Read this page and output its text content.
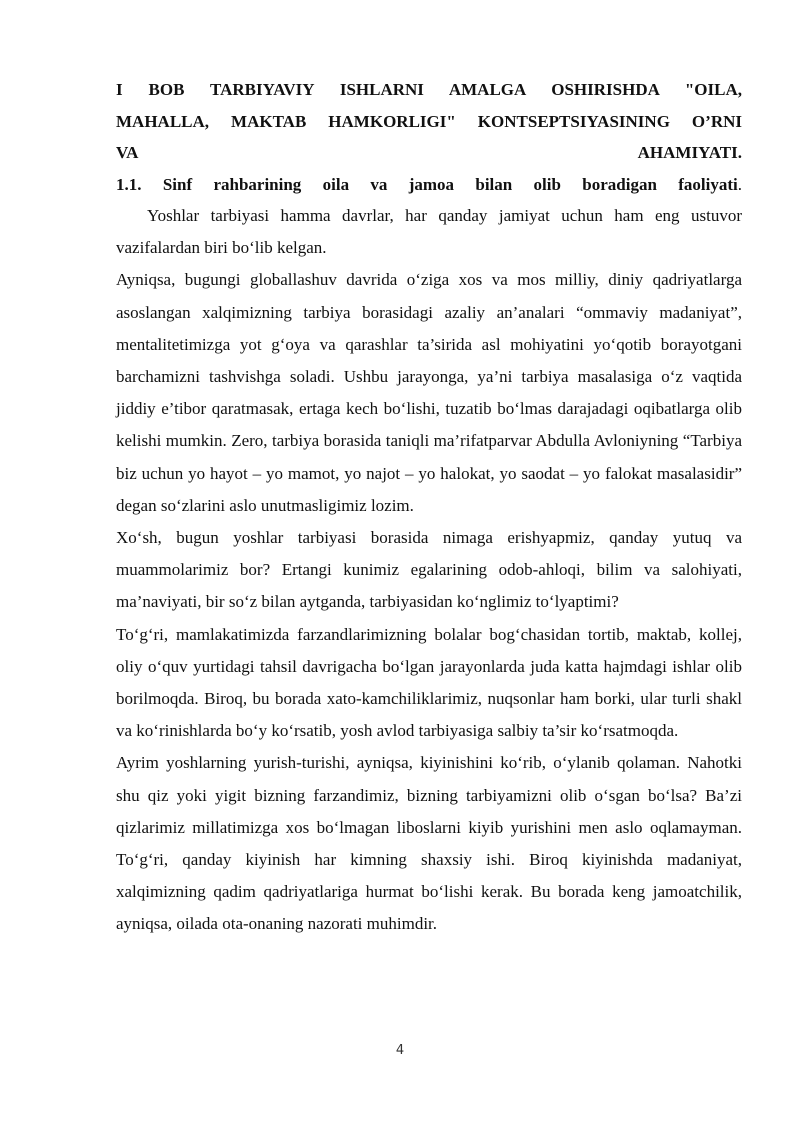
I BOB TARBIYAVIY ISHLARNI AMALGA OSHIRISHDA "OILA,
MAHALLA, MAKTAB HAMKORLIGI" KONTSEPTSIYASINING O’RNI
VA	AHAMIYATI.
1.1. Sinf rahbarining oila va jamoa bilan olib boradigan faoliyati.

Yoshlar tarbiyasi hamma davrlar, har qanday jamiyat uchun ham eng ustuvor vazifalardan biri bo‘lib kelgan.

Ayniqsa, bugungi globallashuv davrida o‘ziga xos va mos milliy, diniy qadriyatlarga asoslangan xalqimizning tarbiya borasidagi azaliy an’analari “ommaviy madaniyat”, mentalitetimizga yot g‘oya va qarashlar ta’sirida asl mohiyatini yo‘qotib borayotgani barchamizni tashvishga soladi. Ushbu jarayonga, ya’ni tarbiya masalasiga o‘z vaqtida jiddiy e’tibor qaratmasak, ertaga kech bo‘lishi, tuzatib bo‘lmas darajadagi oqibatlarga olib kelishi mumkin. Zero, tarbiya borasida taniqli ma’rifatparvar Abdulla Avloniyning “Tarbiya biz uchun yo hayot – yo mamot, yo najot – yo halokat, yo saodat – yo falokat masalasidir” degan so‘zlarini aslo unutmasligimiz lozim.

Xo‘sh, bugun yoshlar tarbiyasi borasida nimaga erishyapmiz, qanday yutuq va muammolarimiz bor? Ertangi kunimiz egalarining odob-ahloqi, bilim va salohiyati, ma’naviyati, bir so‘z bilan aytganda, tarbiyasidan ko‘nglimiz to‘lyaptimi?

To‘g‘ri, mamlakatimizda farzandlarimizning bolalar bog‘chasidan tortib, maktab, kollej, oliy o‘quv yurtidagi tahsil davrigacha bo‘lgan jarayonlarda juda katta hajmdagi ishlar olib borilmoqda. Biroq, bu borada xato-kamchiliklarimiz, nuqsonlar ham borki, ular turli shakl va ko‘rinishlarda bo‘y ko‘rsatib, yosh avlod tarbiyasiga salbiy ta’sir ko‘rsatmoqda.

Ayrim yoshlarning yurish-turishi, ayniqsa, kiyinishini ko‘rib, o‘ylanib qolaman. Nahotki shu qiz yoki yigit bizning farzandimiz, bizning tarbiyamizni olib o‘sgan bo‘lsa? Ba’zi qizlarimiz millatimizga xos bo‘lmagan liboslarni kiyib yurishini men aslo oqlamayman. To‘g‘ri, qanday kiyinish har kimning shaxsiy ishi. Biroq kiyinishda madaniyat, xalqimizning qadim qadriyatlariga hurmat bo‘lishi kerak. Bu borada keng jamoatchilik, ayniqsa, oilada ota-onaning nazorati muhimdir.

4
